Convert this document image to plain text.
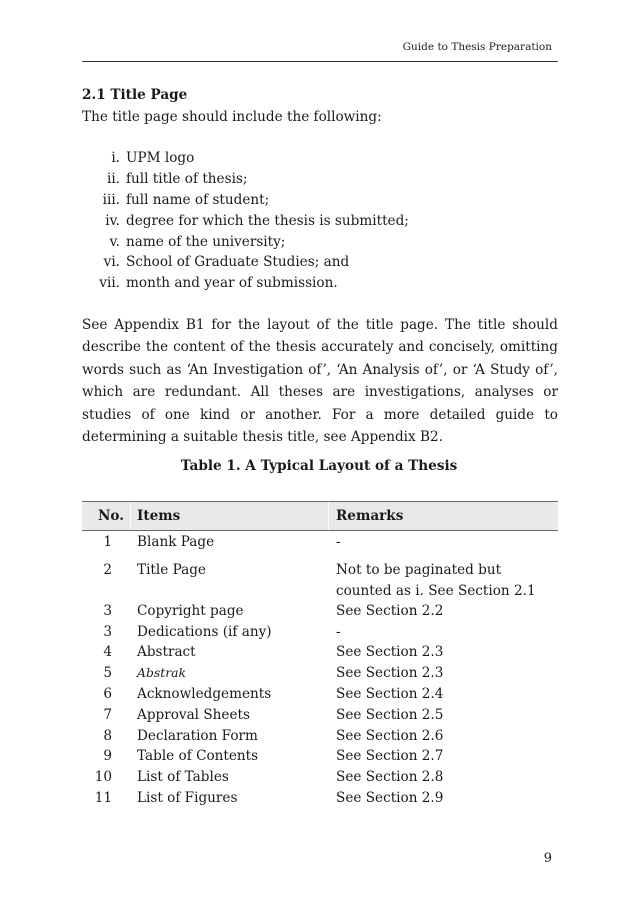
Guide to Thesis Preparation
2.1 Title Page
The title page should include the following:
i. UPM logo
ii. full title of thesis;
iii. full name of student;
iv. degree for which the thesis is submitted;
v. name of the university;
vi. School of Graduate Studies; and
vii. month and year of submission.
See Appendix B1 for the layout of the title page. The title should describe the content of the thesis accurately and concisely, omitting words such as ‘An Investigation of’, ‘An Analysis of’, or ‘A Study of’, which are redundant. All theses are investigations, analyses or studies of one kind or another. For a more detailed guide to determining a suitable thesis title, see Appendix B2.
Table 1. A Typical Layout of a Thesis
No. Items	Remarks
1 Blank Page	-
2 Title Page	Not to be paginated but counted as i. See Section 2.1
3 Copyright page	See Section 2.2
3 Dedications (if any)	-
4 Abstract	See Section 2.3
5 Abstrak	See Section 2.3
6 Acknowledgements	See Section 2.4
7 Approval Sheets	See Section 2.5
8 Declaration Form	See Section 2.6
9 Table of Contents	See Section 2.7
10 List of Tables	See Section 2.8
11 List of Figures	See Section 2.9
9
